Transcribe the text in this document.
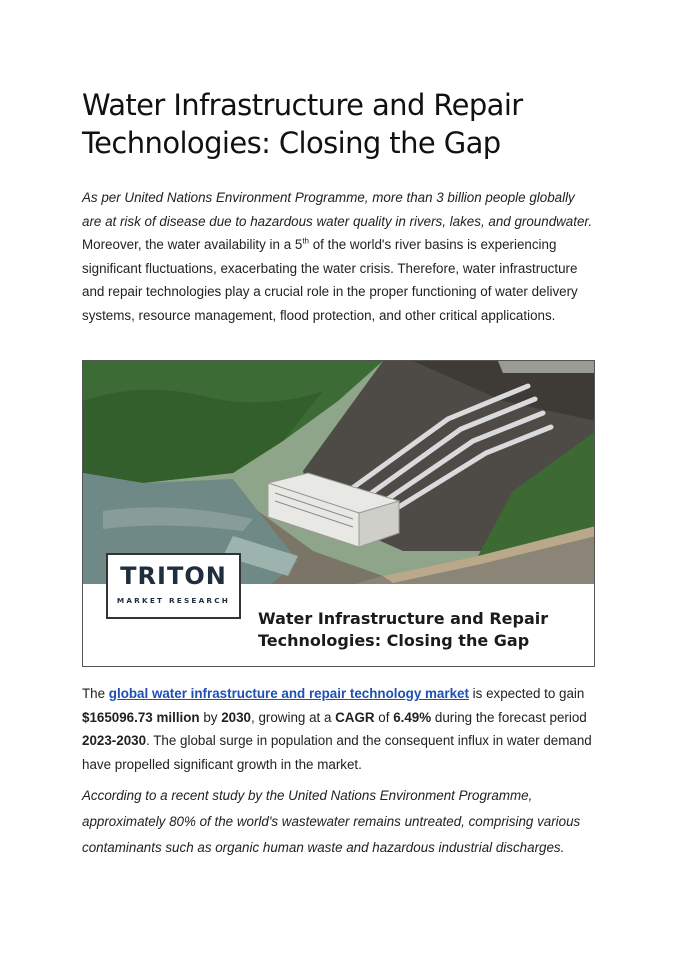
Water Infrastructure and Repair Technologies: Closing the Gap

As per United Nations Environment Programme, more than 3 billion people globally are at risk of disease due to hazardous water quality in rivers, lakes, and groundwater. Moreover, the water availability in a 5th of the world's river basins is experiencing significant fluctuations, exacerbating the water crisis. Therefore, water infrastructure and repair technologies play a crucial role in the proper functioning of water delivery systems, resource management, flood protection, and other critical applications.

TRITON
MARKET RESEARCH
Water Infrastructure and Repair Technologies: Closing the Gap

The global water infrastructure and repair technology market is expected to gain $165096.73 million by 2030, growing at a CAGR of 6.49% during the forecast period 2023-2030. The global surge in population and the consequent influx in water demand have propelled significant growth in the market.

According to a recent study by the United Nations Environment Programme, approximately 80% of the world's wastewater remains untreated, comprising various contaminants such as organic human waste and hazardous industrial discharges.
